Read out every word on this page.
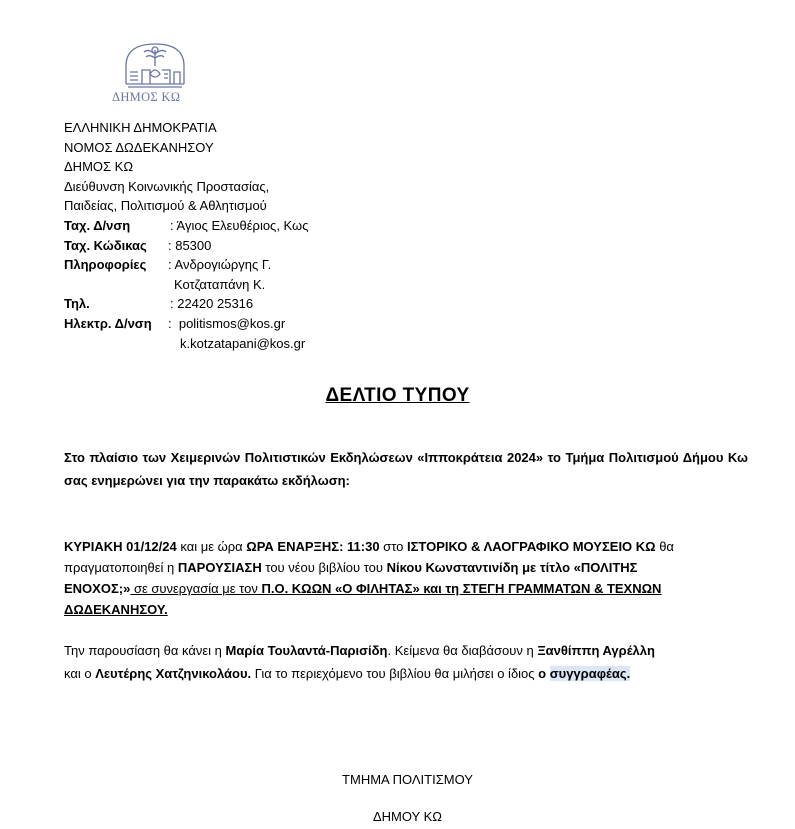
ΔΗΜΟΣ ΚΩ
ΕΛΛΗΝΙΚΗ ΔΗΜΟΚΡΑΤΙΑ
ΝΟΜΟΣ ΔΩΔΕΚΑΝΗΣΟΥ
ΔΗΜΟΣ ΚΩ
Διεύθυνση Κοινωνικής Προστασίας,
Παιδείας, Πολιτισμού & Αθλητισμού
Ταχ. Δ/νση	: Άγιος Ελευθέριος, Κως
Ταχ. Κώδικας	: 85300
Πληροφορίες	: Ανδρογιώργης Γ.
Κοτζαταπάνη Κ.
Τηλ.	: 22420 25316
Ηλεκτρ. Δ/νση	:  politismos@kos.gr
k.kotzatapani@kos.gr
ΔΕΛΤΙΟ ΤΥΠΟΥ
Στο πλαίσιο των Χειμερινών Πολιτιστικών Εκδηλώσεων «Ιπποκράτεια 2024» το Τμήμα Πολιτισμού Δήμου Κω σας ενημερώνει για την παρακάτω εκδήλωση:

ΚΥΡΙΑΚΗ 01/12/24 και με ώρα ΩΡΑ ΕΝΑΡΞΗΣ: 11:30 στο ΙΣΤΟΡΙΚΟ & ΛΑΟΓΡΑΦΙΚΟ ΜΟΥΣΕΙΟ ΚΩ θα

πραγματοποιηθεί η ΠΑΡΟΥΣΙΑΣΗ του νέου βιβλίου του Νίκου Κωνσταντινίδη με τίτλο «ΠΟΛΙΤΗΣ

ΕΝΟΧΟΣ;» σε συνεργασία με τον Π.Ο. ΚΩΩΝ «Ο ΦΙΛΗΤΑΣ» και τη ΣΤΕΓΗ ΓΡΑΜΜΑΤΩΝ & ΤΕΧΝΩΝ

ΔΩΔΕΚΑΝΗΣΟΥ.

Την παρουσίαση θα κάνει η Μαρία Τουλαντά-Παρισίδη. Κείμενα θα διαβάσουν η Ξανθίππη Αγρέλλη

και ο Λευτέρης Χατζηνικολάου. Για το περιεχόμενο του βιβλίου θα μιλήσει ο ίδιος ο συγγραφέας.

ΤΜΗΜΑ ΠΟΛΙΤΙΣΜΟΥ
ΔΗΜΟΥ ΚΩ
